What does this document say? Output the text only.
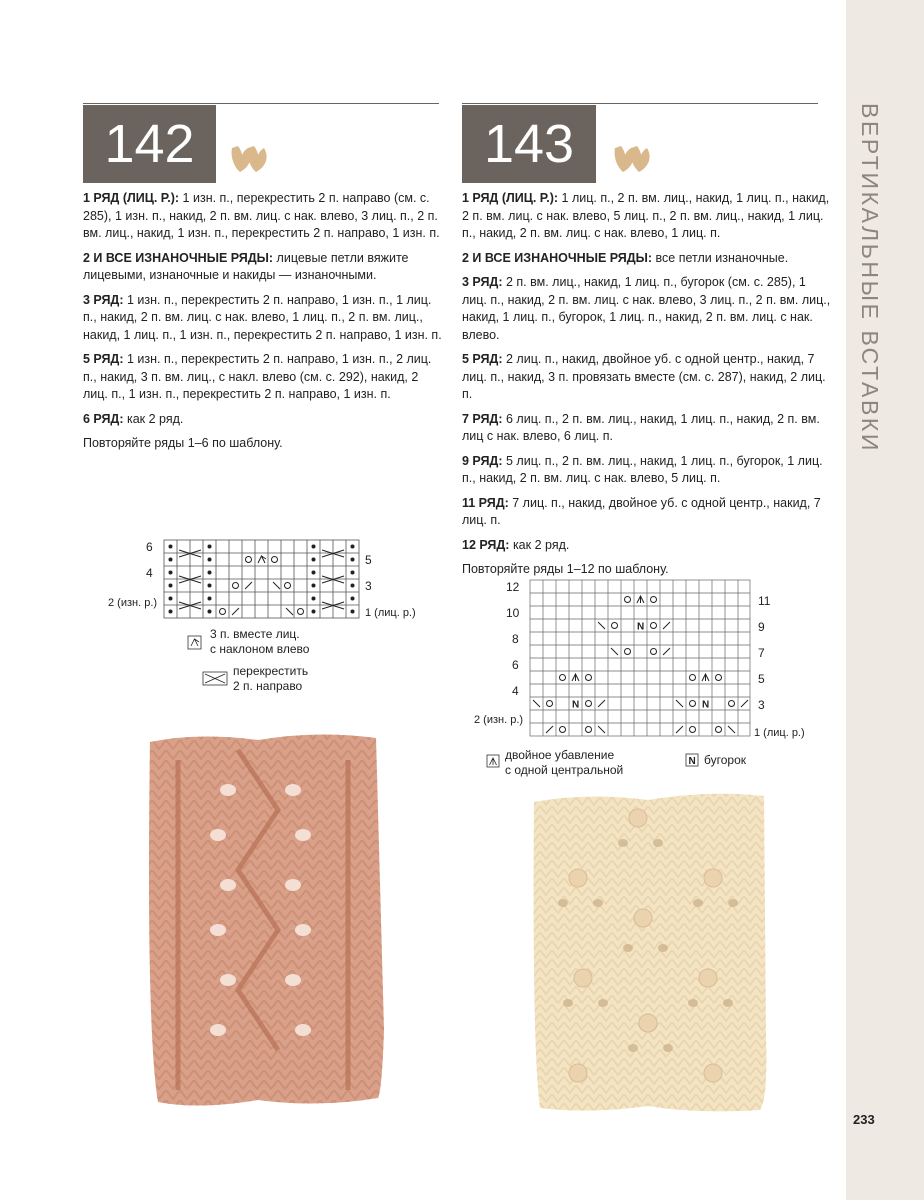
ВЕРТИКАЛЬНЫЕ ВСТАВКИ
233
142

1 РЯД (ЛИЦ. Р.): 1 изн. п., перекрестить 2 п. направо (см. с. 285), 1 изн. п., накид, 2 п. вм. лиц. с нак. влево, 3 лиц. п., 2 п. вм. лиц., накид, 1 изн. п., перекрестить 2 п. направо, 1 изн. п.

2 И ВСЕ ИЗНАНОЧНЫЕ РЯДЫ: лицевые петли вяжите лицевыми, изнаночные и накиды — изнаночными.

3 РЯД: 1 изн. п., перекрестить 2 п. направо, 1 изн. п., 1 лиц. п., накид, 2 п. вм. лиц. с нак. влево, 1 лиц. п., 2 п. вм. лиц., накид, 1 лиц. п., 1 изн. п., перекрестить 2 п. направо, 1 изн. п.

5 РЯД: 1 изн. п., перекрестить 2 п. направо, 1 изн. п., 2 лиц. п., накид, 3 п. вм. лиц., с накл. влево (см. с. 292), накид, 2 лиц. п., 1 изн. п., перекрестить 2 п. направо, 1 изн. п.

6 РЯД: как 2 ряд.

Повторяйте ряды 1–6 по шаблону.

6
4
2 (изн. р.)
5
3
1 (лиц. р.)
3 п. вместе лиц.
с наклоном влево
перекрестить
2 п. направо
143

1 РЯД (ЛИЦ. Р.): 1 лиц. п., 2 п. вм. лиц., накид, 1 лиц. п., накид, 2 п. вм. лиц. с нак. влево, 5 лиц. п., 2 п. вм. лиц., накид, 1 лиц. п., накид, 2 п. вм. лиц. с нак. влево, 1 лиц. п.

2 И ВСЕ ИЗНАНОЧНЫЕ РЯДЫ: все петли изнаночные.

3 РЯД: 2 п. вм. лиц., накид, 1 лиц. п., бугорок (см. с. 285), 1 лиц. п., накид, 2 п. вм. лиц. с нак. влево, 3 лиц. п., 2 п. вм. лиц., накид, 1 лиц. п., бугорок, 1 лиц. п., накид, 2 п. вм. лиц. с нак. влево.

5 РЯД: 2 лиц. п., накид, двойное уб. с одной центр., накид, 7 лиц. п., накид, 3 п. провязать вместе (см. с. 287), накид, 2 лиц. п.

7 РЯД: 6 лиц. п., 2 п. вм. лиц., накид, 1 лиц. п., накид, 2 п. вм. лиц с нак. влево, 6 лиц. п.

9 РЯД: 5 лиц. п., 2 п. вм. лиц., накид, 1 лиц. п., бугорок, 1 лиц. п., накид, 2 п. вм. лиц. с нак. влево, 5 лиц. п.

11 РЯД: 7 лиц. п., накид, двойное уб. с одной центр., накид, 7 лиц. п.

12 РЯД: как 2 ряд.

Повторяйте ряды 1–12 по шаблону.

N
N	N
12
10
8
6
4
2 (изн. р.)
11
9
7
5
3
1 (лиц. р.)
N
двойное убавление
с одной центральной
бугорок
